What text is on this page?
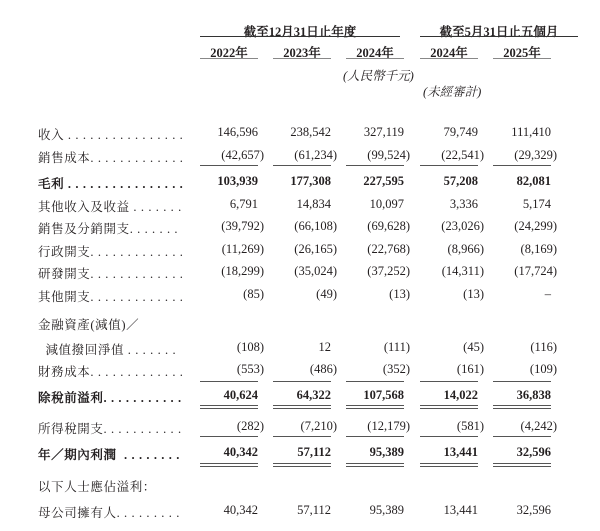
截至12月31日止年度	截至5月31日止五個月
2022年	2023年	2024年	2024年	2025年
(人民幣千元)
(未經審計)
收入 . . . . . . . . . . . . . . . .	146,596	238,542	327,119	79,749	111,410
銷售成本. . . . . . . . . . . . .	(42,657)	(61,234)	(99,524)	(22,541)	(29,329)
毛利 . . . . . . . . . . . . . . . .	103,939	177,308	227,595	57,208	82,081
其他收入及收益 . . . . . . .	6,791	14,834	10,097	3,336	5,174
銷售及分銷開支. . . . . . .	(39,792)	(66,108)	(69,628)	(23,026)	(24,299)
行政開支. . . . . . . . . . . . .	(11,269)	(26,165)	(22,768)	(8,966)	(8,169)
研發開支. . . . . . . . . . . . .	(18,299)	(35,024)	(37,252)	(14,311)	(17,724)
其他開支. . . . . . . . . . . . .	(85)	(49)	(13)	(13)	–
金融資產(減值)／
減值撥回淨值 . . . . . . .	(108)	12	(111)	(45)	(116)
財務成本. . . . . . . . . . . . .	(553)	(486)	(352)	(161)	(109)
除稅前溢利. . . . . . . . . . .	40,624	64,322	107,568	14,022	36,838
所得稅開支. . . . . . . . . . .	(282)	(7,210)	(12,179)	(581)	(4,242)
年／期內利潤  . . . . . . . .	40,342	57,112	95,389	13,441	32,596
以下人士應佔溢利：
母公司擁有人. . . . . . . . .	40,342	57,112	95,389	13,441	32,596
